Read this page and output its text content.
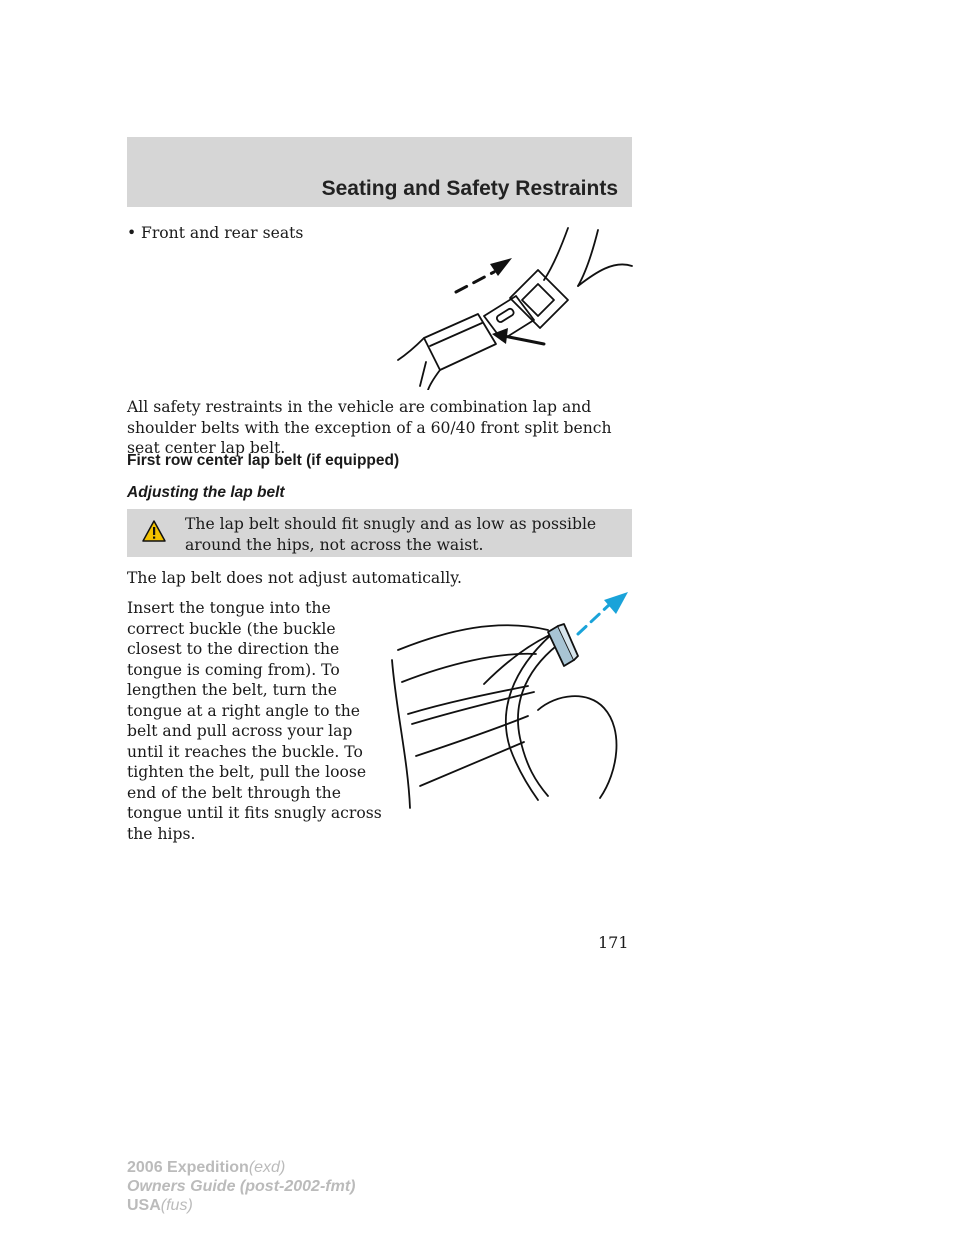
Seating and Safety Restraints

• Front and rear seats

All safety restraints in the vehicle are combination lap and shoulder belts with the exception of a 60/40 front split bench seat center lap belt.

First row center lap belt (if equipped)
Adjusting the lap belt

The lap belt should fit snugly and as low as possible around the hips, not across the waist.

The lap belt does not adjust automatically.

Insert the tongue into the correct buckle (the buckle closest to the direction the tongue is coming from). To lengthen the belt, turn the tongue at a right angle to the belt and pull across your lap until it reaches the buckle. To tighten the belt, pull the loose end of the belt through the tongue until it fits snugly across the hips.

171

2006 Expedition(exd)
Owners Guide (post-2002-fmt)
USA(fus)
